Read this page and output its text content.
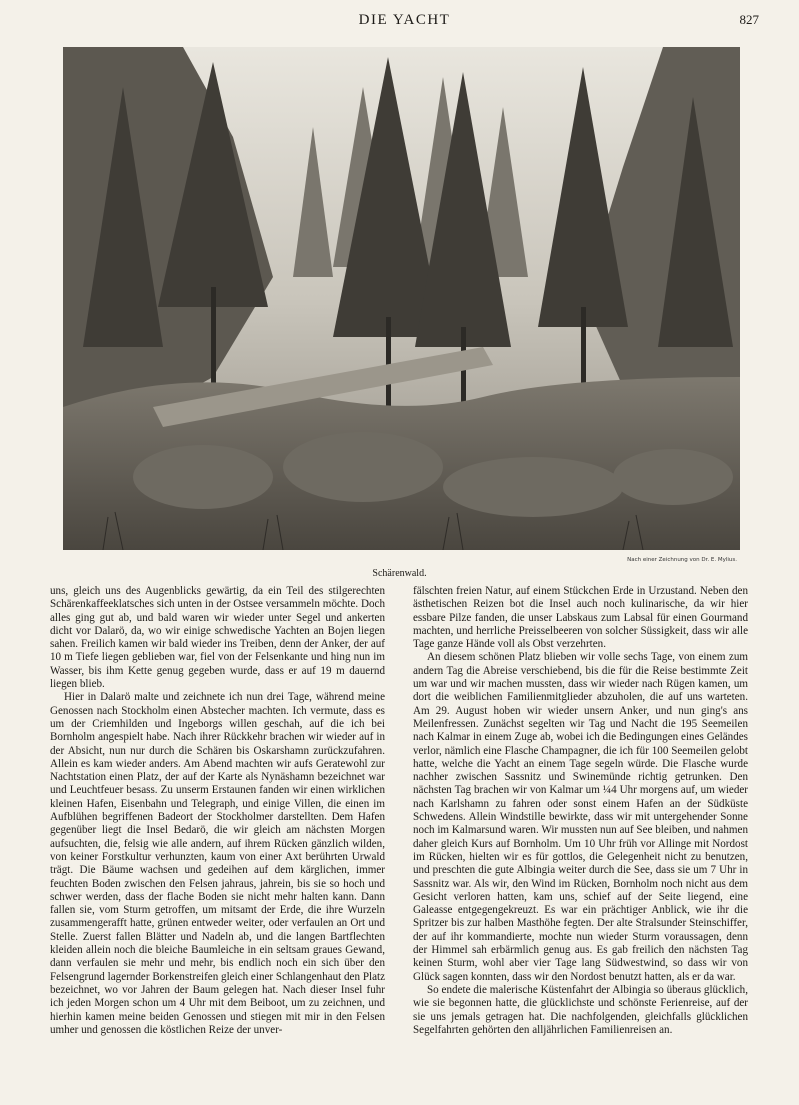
DIE YACHT	827
Nach einer Zeichnung von Dr. E. Mylius.
Schärenwald.

uns, gleich uns des Augenblicks gewärtig, da ein Teil des stilgerechten Schärenkaffeeklatsches sich unten in der Ostsee versammeln möchte. Doch alles ging gut ab, und bald waren wir wieder unter Segel und ankerten dicht vor Dalarö, da, wo wir einige schwedische Yachten an Bojen liegen sahen. Freilich kamen wir bald wieder ins Treiben, denn der Anker, der auf 10 m Tiefe liegen geblieben war, fiel von der Felsenkante und hing nun im Wasser, bis ihm Kette genug gegeben wurde, dass er auf 19 m dauernd liegen blieb.

Hier in Dalarö malte und zeichnete ich nun drei Tage, während meine Genossen nach Stockholm einen Abstecher machten. Ich vermute, dass es um der Criemhilden und Ingeborgs willen geschah, auf die ich bei Bornholm angespielt habe. Nach ihrer Rückkehr brachen wir wieder auf in der Absicht, nun nur durch die Schären bis Oskarshamn zurückzufahren. Allein es kam wieder anders. Am Abend machten wir aufs Geratewohl zur Nachtstation einen Platz, der auf der Karte als Nynäshamn bezeichnet war und Leuchtfeuer besass. Zu unserm Erstaunen fanden wir einen wirklichen kleinen Hafen, Eisenbahn und Telegraph, und einige Villen, die einen im Aufblühen begriffenen Badeort der Stockholmer darstellten. Dem Hafen gegenüber liegt die Insel Bedarö, die wir gleich am nächsten Morgen aufsuchten, die, felsig wie alle andern, auf ihrem Rücken gänzlich wilden, von keiner Forstkultur verhunzten, kaum von einer Axt berührten Urwald trägt. Die Bäume wachsen und gedeihen auf dem kärglichen, immer feuchten Boden zwischen den Felsen jahraus, jahrein, bis sie so hoch und schwer werden, dass der flache Boden sie nicht mehr halten kann. Dann fallen sie, vom Sturm getroffen, um mitsamt der Erde, die ihre Wurzeln zusammengerafft hatte, grünen entweder weiter, oder verfaulen an Ort und Stelle. Zuerst fallen Blätter und Nadeln ab, und die langen Bartflechten kleiden allein noch die bleiche Baumleiche in ein seltsam graues Gewand, dann verfaulen sie mehr und mehr, bis endlich noch ein sich über den Felsengrund lagernder Borkenstreifen gleich einer Schlangenhaut den Platz bezeichnet, wo vor Jahren der Baum gelegen hat. Nach dieser Insel fuhr ich jeden Morgen schon um 4 Uhr mit dem Beiboot, um zu zeichnen, und hierhin kamen meine beiden Genossen und stiegen mit mir in den Felsen umher und genossen die köstlichen Reize der unver-

fälschten freien Natur, auf einem Stückchen Erde in Urzustand. Neben den ästhetischen Reizen bot die Insel auch noch kulinarische, da wir hier essbare Pilze fanden, die unser Labskaus zum Labsal für einen Gourmand machten, und herrliche Preisselbeeren von solcher Süssigkeit, dass wir alle Tage ganze Hände voll als Obst verzehrten.

An diesem schönen Platz blieben wir volle sechs Tage, von einem zum andern Tag die Abreise verschiebend, bis die für die Reise bestimmte Zeit um war und wir machen mussten, dass wir wieder nach Rügen kamen, um dort die weiblichen Familienmitglieder abzuholen, die auf uns warteten. Am 29. August hoben wir wieder unsern Anker, und nun ging's ans Meilenfressen. Zunächst segelten wir Tag und Nacht die 195 Seemeilen nach Kalmar in einem Zuge ab, wobei ich die Bedingungen eines Geländes verlor, nämlich eine Flasche Champagner, die ich für 100 Seemeilen gelobt hatte, welche die Yacht an einem Tage segeln würde. Die Flasche wurde nachher zwischen Sassnitz und Swinemünde richtig getrunken. Den nächsten Tag brachen wir von Kalmar um ¼4 Uhr morgens auf, um wieder nach Karlshamn zu fahren oder sonst einem Hafen an der Südküste Schwedens. Allein Windstille bewirkte, dass wir mit untergehender Sonne noch im Kalmarsund waren. Wir mussten nun auf See bleiben, und nahmen daher gleich Kurs auf Bornholm. Um 10 Uhr früh vor Allinge mit Nordost im Rücken, hielten wir es für gottlos, die Gelegenheit nicht zu benutzen, und preschten die gute Albingia weiter durch die See, dass sie um 7 Uhr in Sassnitz war. Als wir, den Wind im Rücken, Bornholm noch nicht aus dem Gesicht verloren hatten, kam uns, schief auf der Seite liegend, eine Galeasse entgegengekreuzt. Es war ein prächtiger Anblick, wie ihr die Spritzer bis zur halben Masthöhe fegten. Der alte Stralsunder Steinschiffer, der auf ihr kommandierte, mochte nun wieder Sturm voraussagen, denn der Himmel sah erbärmlich genug aus. Es gab freilich den nächsten Tag keinen Sturm, wohl aber vier Tage lang Südwestwind, so dass wir von Glück sagen konnten, dass wir den Nordost benutzt hatten, als er da war.

So endete die malerische Küstenfahrt der Albingia so überaus glücklich, wie sie begonnen hatte, die glücklichste und schönste Ferienreise, auf der sie uns jemals getragen hat. Die nachfolgenden, gleichfalls glücklichen Segelfahrten gehörten den alljährlichen Familienreisen an.
